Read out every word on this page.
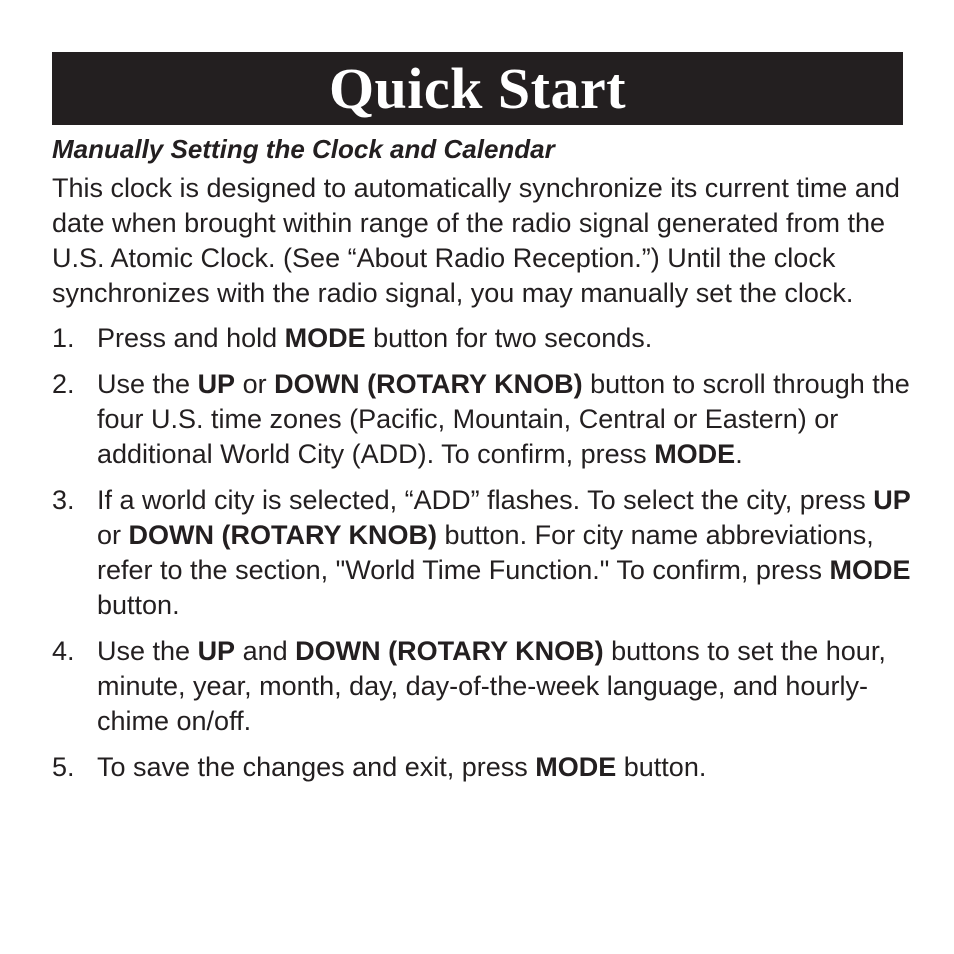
Quick Start
Manually Setting the Clock and Calendar

This clock is designed to automatically synchronize its current time and date when brought within range of the radio signal generated from the U.S. Atomic Clock. (See “About Radio Reception.”) Until the clock synchronizes with the radio signal, you may manually set the clock.

1. Press and hold MODE button for two seconds.
2. Use the UP or DOWN (ROTARY KNOB) button to scroll through the four U.S. time zones (Pacific, Mountain, Central or Eastern) or additional World City (ADD). To confirm, press MODE.
3. If a world city is selected, “ADD” flashes. To select the city, press UP or DOWN (ROTARY KNOB) button. For city name abbreviations, refer to the section, "World Time Function." To confirm, press MODE button.
4. Use the UP and DOWN (ROTARY KNOB) buttons to set the hour, minute, year, month, day, day-of-the-week language, and hourly-chime on/off.
5. To save the changes and exit, press MODE button.
